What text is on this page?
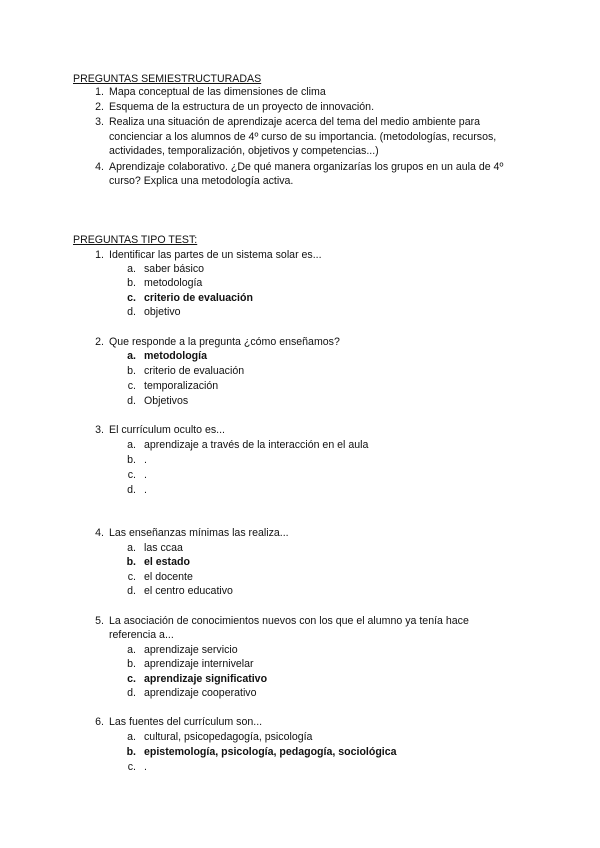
PREGUNTAS SEMIESTRUCTURADAS
1. Mapa conceptual de las dimensiones de clima
2. Esquema de la estructura de un proyecto de innovación.
3. Realiza una situación de aprendizaje acerca del tema del medio ambiente para
concienciar a los alumnos de 4º curso de su importancia. (metodologías, recursos,
actividades, temporalización, objetivos y competencias...)
4. Aprendizaje colaborativo. ¿De qué manera organizarías los grupos en un aula de 4º
curso? Explica una metodología activa.
PREGUNTAS TIPO TEST:
1. Identificar las partes de un sistema solar es...
a. saber básico
b. metodología
c. criterio de evaluación
d. objetivo
2. Que responde a la pregunta ¿cómo enseñamos?
a. metodología
b. criterio de evaluación
c. temporalización
d. Objetivos
3. El currículum oculto es...
a. aprendizaje a través de la interacción en el aula
b. .
c. .
d. .
4. Las enseñanzas mínimas las realiza...
a. las ccaa
b. el estado
c. el docente
d. el centro educativo
5. La asociación de conocimientos nuevos con los que el alumno ya tenía hace
referencia a...
a. aprendizaje servicio
b. aprendizaje internivelar
c. aprendizaje significativo
d. aprendizaje cooperativo
6. Las fuentes del currículum son...
a. cultural, psicopedagogía, psicología
b. epistemología, psicología, pedagogía, sociológica
c. .
